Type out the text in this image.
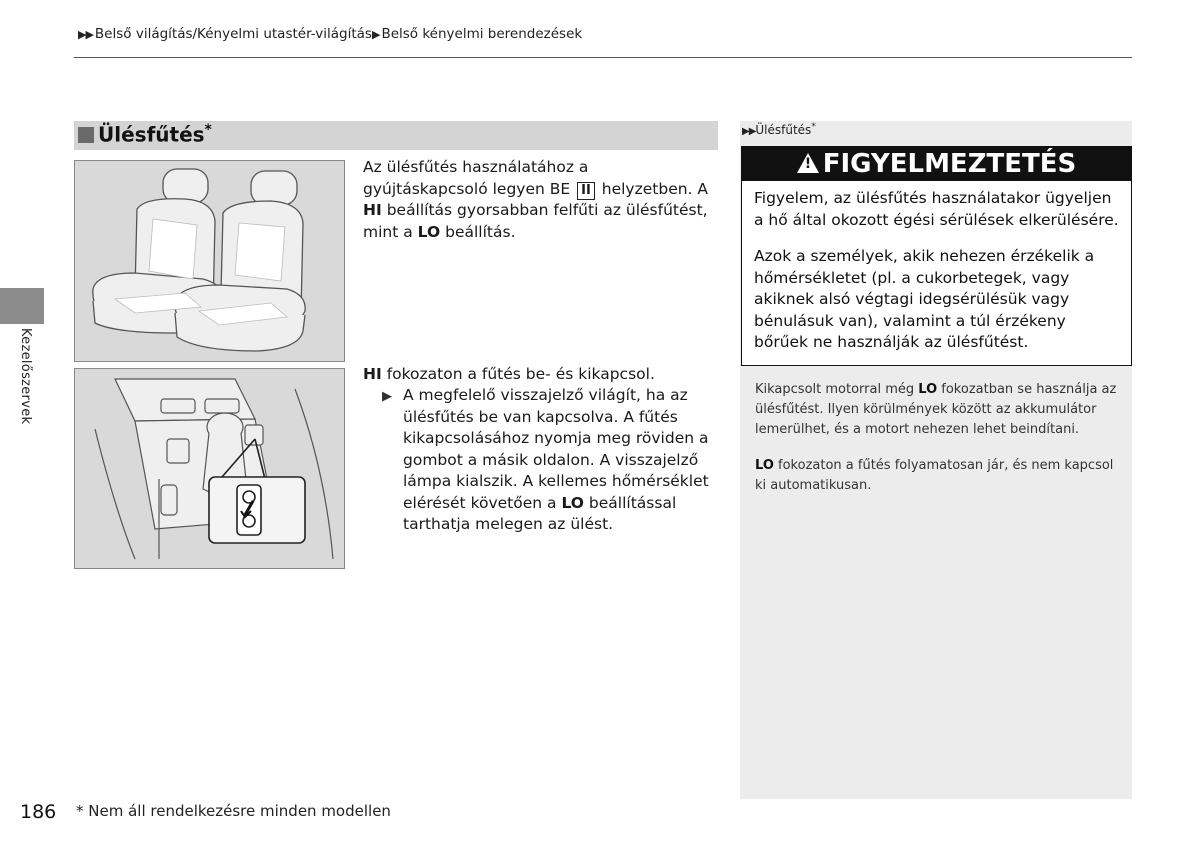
▶▶ Belső világítás/Kényelmi utastér-világítás▶ Belső kényelmi berendezések
Kezelőszervek
Ülésfűtés*
Az ülésfűtés használatához a gyújtáskapcsoló legyen BE II helyzetben. A HI beállítás gyorsabban felfűti az ülésfűtést, mint a LO beállítás.
HI fokozaton a fűtés be- és kikapcsol.
▶ A megfelelő visszajelző világít, ha az ülésfűtés be van kapcsolva. A fűtés kikapcsolásához nyomja meg röviden a gombot a másik oldalon. A visszajelző lámpa kialszik. A kellemes hőmérséklet elérését követően a LO beállítással tarthatja melegen az ülést.
▶▶Ülésfűtés*
!FIGYELMEZTETÉS
Figyelem, az ülésfűtés használatakor ügyeljen a hő által okozott égési sérülések elkerülésére.
Azok a személyek, akik nehezen érzékelik a hőmérsékletet (pl. a cukorbetegek, vagy akiknek alsó végtagi idegsérülésük vagy bénulásuk van), valamint a túl érzékeny bőrűek ne használják az ülésfűtést.
Kikapcsolt motorral még LO fokozatban se használja az ülésfűtést. Ilyen körülmények között az akkumulátor lemerülhet, és a motort nehezen lehet beindítani.
LO fokozaton a fűtés folyamatosan jár, és nem kapcsol ki automatikusan.
186 * Nem áll rendelkezésre minden modellen
